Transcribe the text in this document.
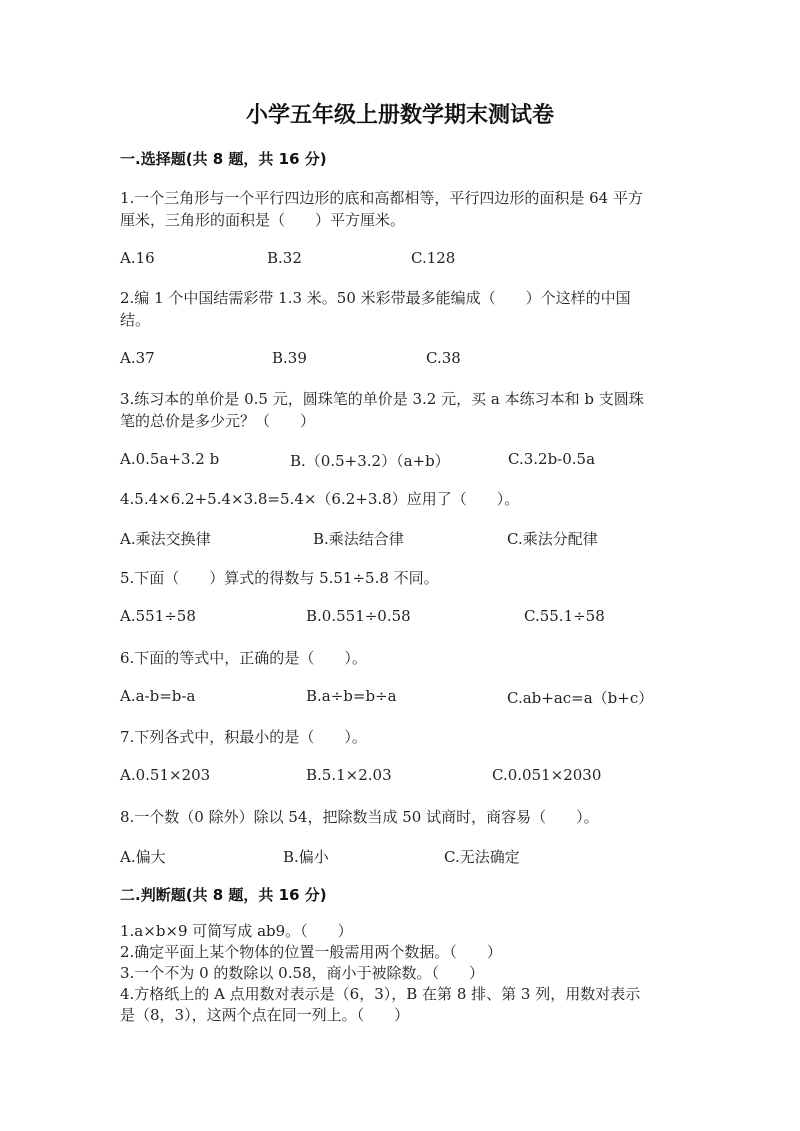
小学五年级上册数学期末测试卷
一.选择题(共 8 题，共 16 分)
1.一个三角形与一个平行四边形的底和高都相等，平行四边形的面积是 64 平方
厘米，三角形的面积是（　　）平方厘米。
A.16	B.32	C.128
2.编 1 个中国结需彩带 1.3 米。50 米彩带最多能编成（　　）个这样的中国
结。
A.37	B.39	C.38
3.练习本的单价是 0.5 元，圆珠笔的单价是 3.2 元，买 a 本练习本和 b 支圆珠
笔的总价是多少元？（　　）
A.0.5a+3.2 b	B.（0.5+3.2）（a+b）	C.3.2b-0.5a
4.5.4×6.2+5.4×3.8=5.4×（6.2+3.8）应用了（　　）。
A.乘法交换律	B.乘法结合律	C.乘法分配律
5.下面（　　）算式的得数与 5.51÷5.8 不同。
A.551÷58	B.0.551÷0.58	C.55.1÷58
6.下面的等式中，正确的是（　　）。
A.a-b=b-a	B.a÷b=b÷a	C.ab+ac=a（b+c）
7.下列各式中，积最小的是（　　）。
A.0.51×203	B.5.1×2.03	C.0.051×2030
8.一个数（0 除外）除以 54，把除数当成 50 试商时，商容易（　　）。
A.偏大	B.偏小	C.无法确定
二.判断题(共 8 题，共 16 分)
1.a×b×9 可简写成 ab9。（　　）
2.确定平面上某个物体的位置一般需用两个数据。（　　）
3.一个不为 0 的数除以 0.58，商小于被除数。（　　）
4.方格纸上的 A 点用数对表示是（6，3），B 在第 8 排、第 3 列，用数对表示
是（8，3），这两个点在同一列上。（　　）
